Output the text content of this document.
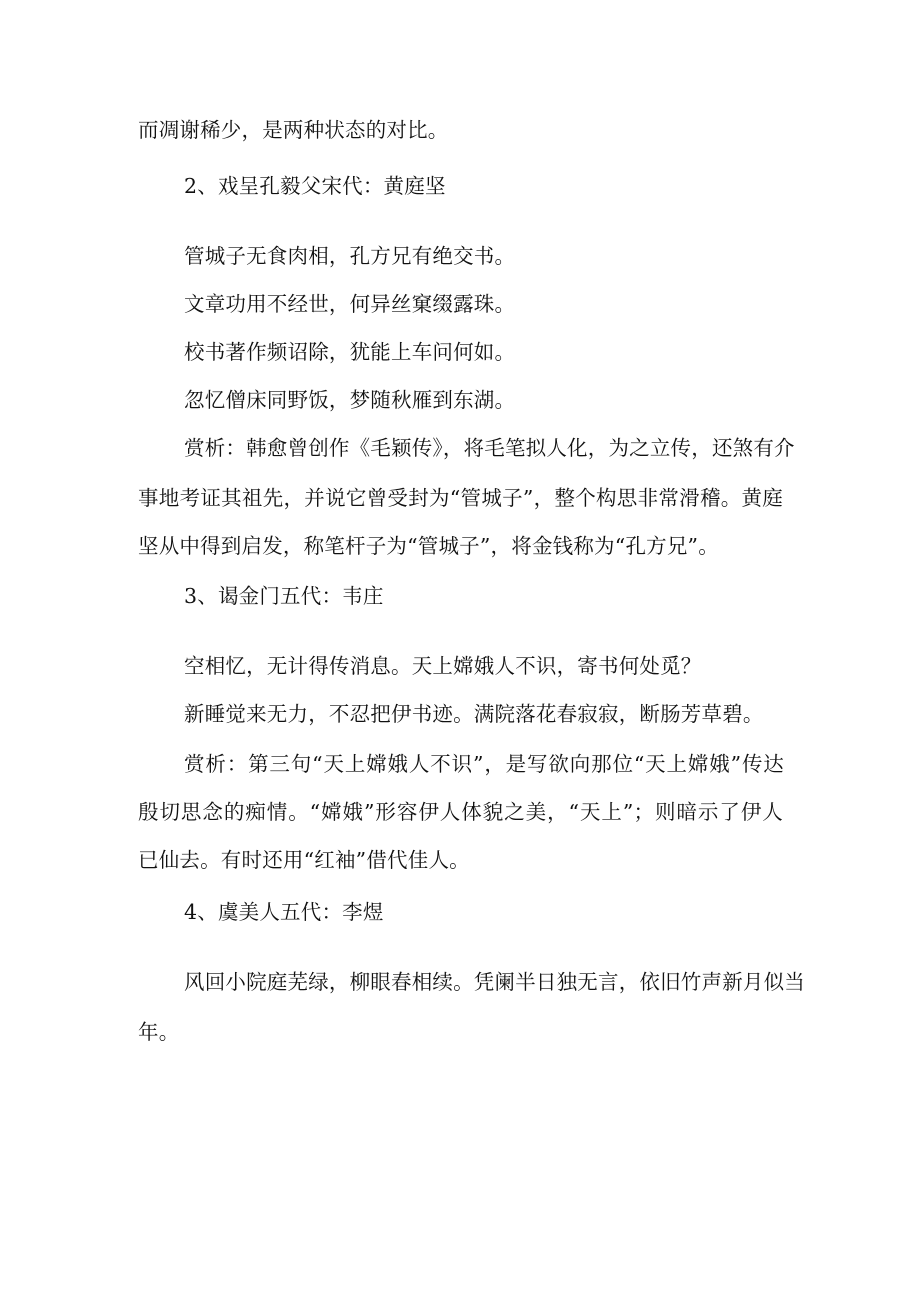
而凋谢稀少，是两种状态的对比。
2、戏呈孔毅父宋代：黄庭坚
管城子无食肉相，孔方兄有绝交书。
文章功用不经世，何异丝窠缀露珠。
校书著作频诏除，犹能上车问何如。
忽忆僧床同野饭，梦随秋雁到东湖。
赏析：韩愈曾创作《毛颖传》，将毛笔拟人化，为之立传，还煞有介
事地考证其祖先，并说它曾受封为“管城子”，整个构思非常滑稽。黄庭
坚从中得到启发，称笔杆子为“管城子”，将金钱称为“孔方兄”。
3、谒金门五代：韦庄
空相忆，无计得传消息。天上嫦娥人不识，寄书何处觅？
新睡觉来无力，不忍把伊书迹。满院落花春寂寂，断肠芳草碧。
赏析：第三句“天上嫦娥人不识”，是写欲向那位“天上嫦娥”传达
殷切思念的痴情。“嫦娥”形容伊人体貌之美，“天上”；则暗示了伊人
已仙去。有时还用“红袖”借代佳人。
4、虞美人五代：李煜
风回小院庭芜绿，柳眼春相续。凭阑半日独无言，依旧竹声新月似当
年。
